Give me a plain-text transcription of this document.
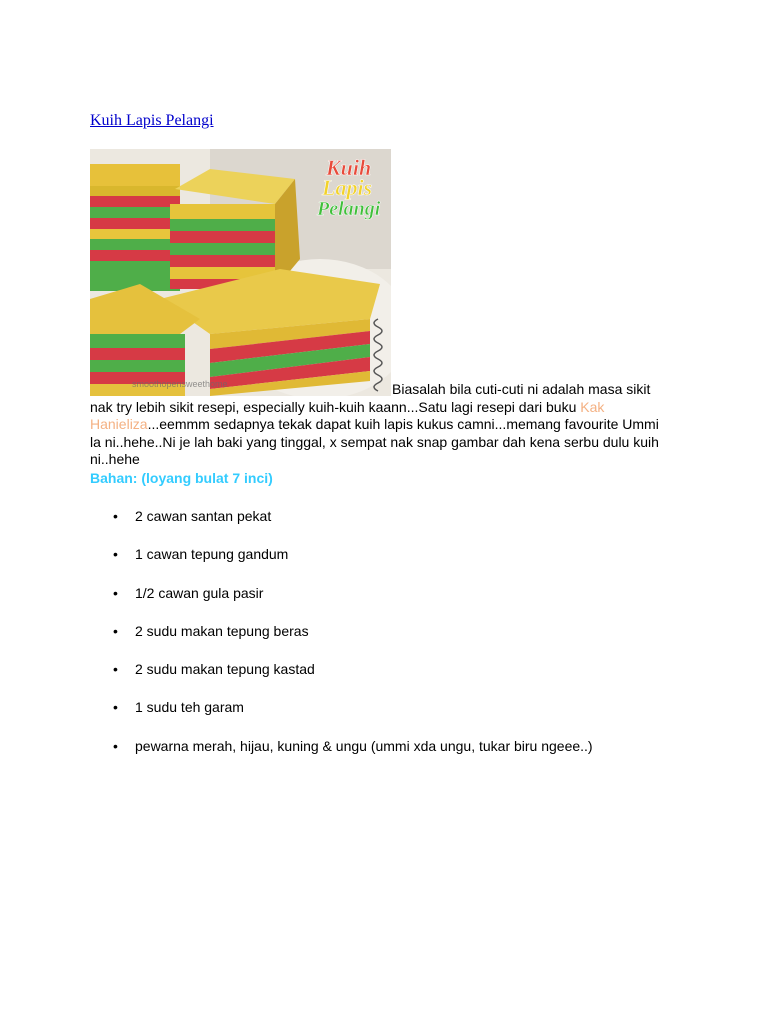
Kuih Lapis Pelangi
Kuih
Lapis
Pelangi
smoothopensweethome	Biasalah bila cuti-cuti ni adalah masa sikit nak try lebih sikit resepi, especially kuih-kuih kaann...Satu lagi resepi dari buku Kak Hanieliza...eemmm sedapnya tekak dapat kuih lapis kukus camni...memang favourite Ummi la ni..hehe..Ni je lah baki yang tinggal, x sempat nak snap gambar dah kena serbu dulu kuih ni..hehe
Bahan: (loyang bulat 7 inci)
• 2 cawan santan pekat
• 1 cawan tepung gandum
• 1/2 cawan gula pasir
• 2 sudu makan tepung beras
• 2 sudu makan tepung kastad
• 1 sudu teh garam
• pewarna merah, hijau, kuning & ungu (ummi xda ungu, tukar biru ngeee..)
